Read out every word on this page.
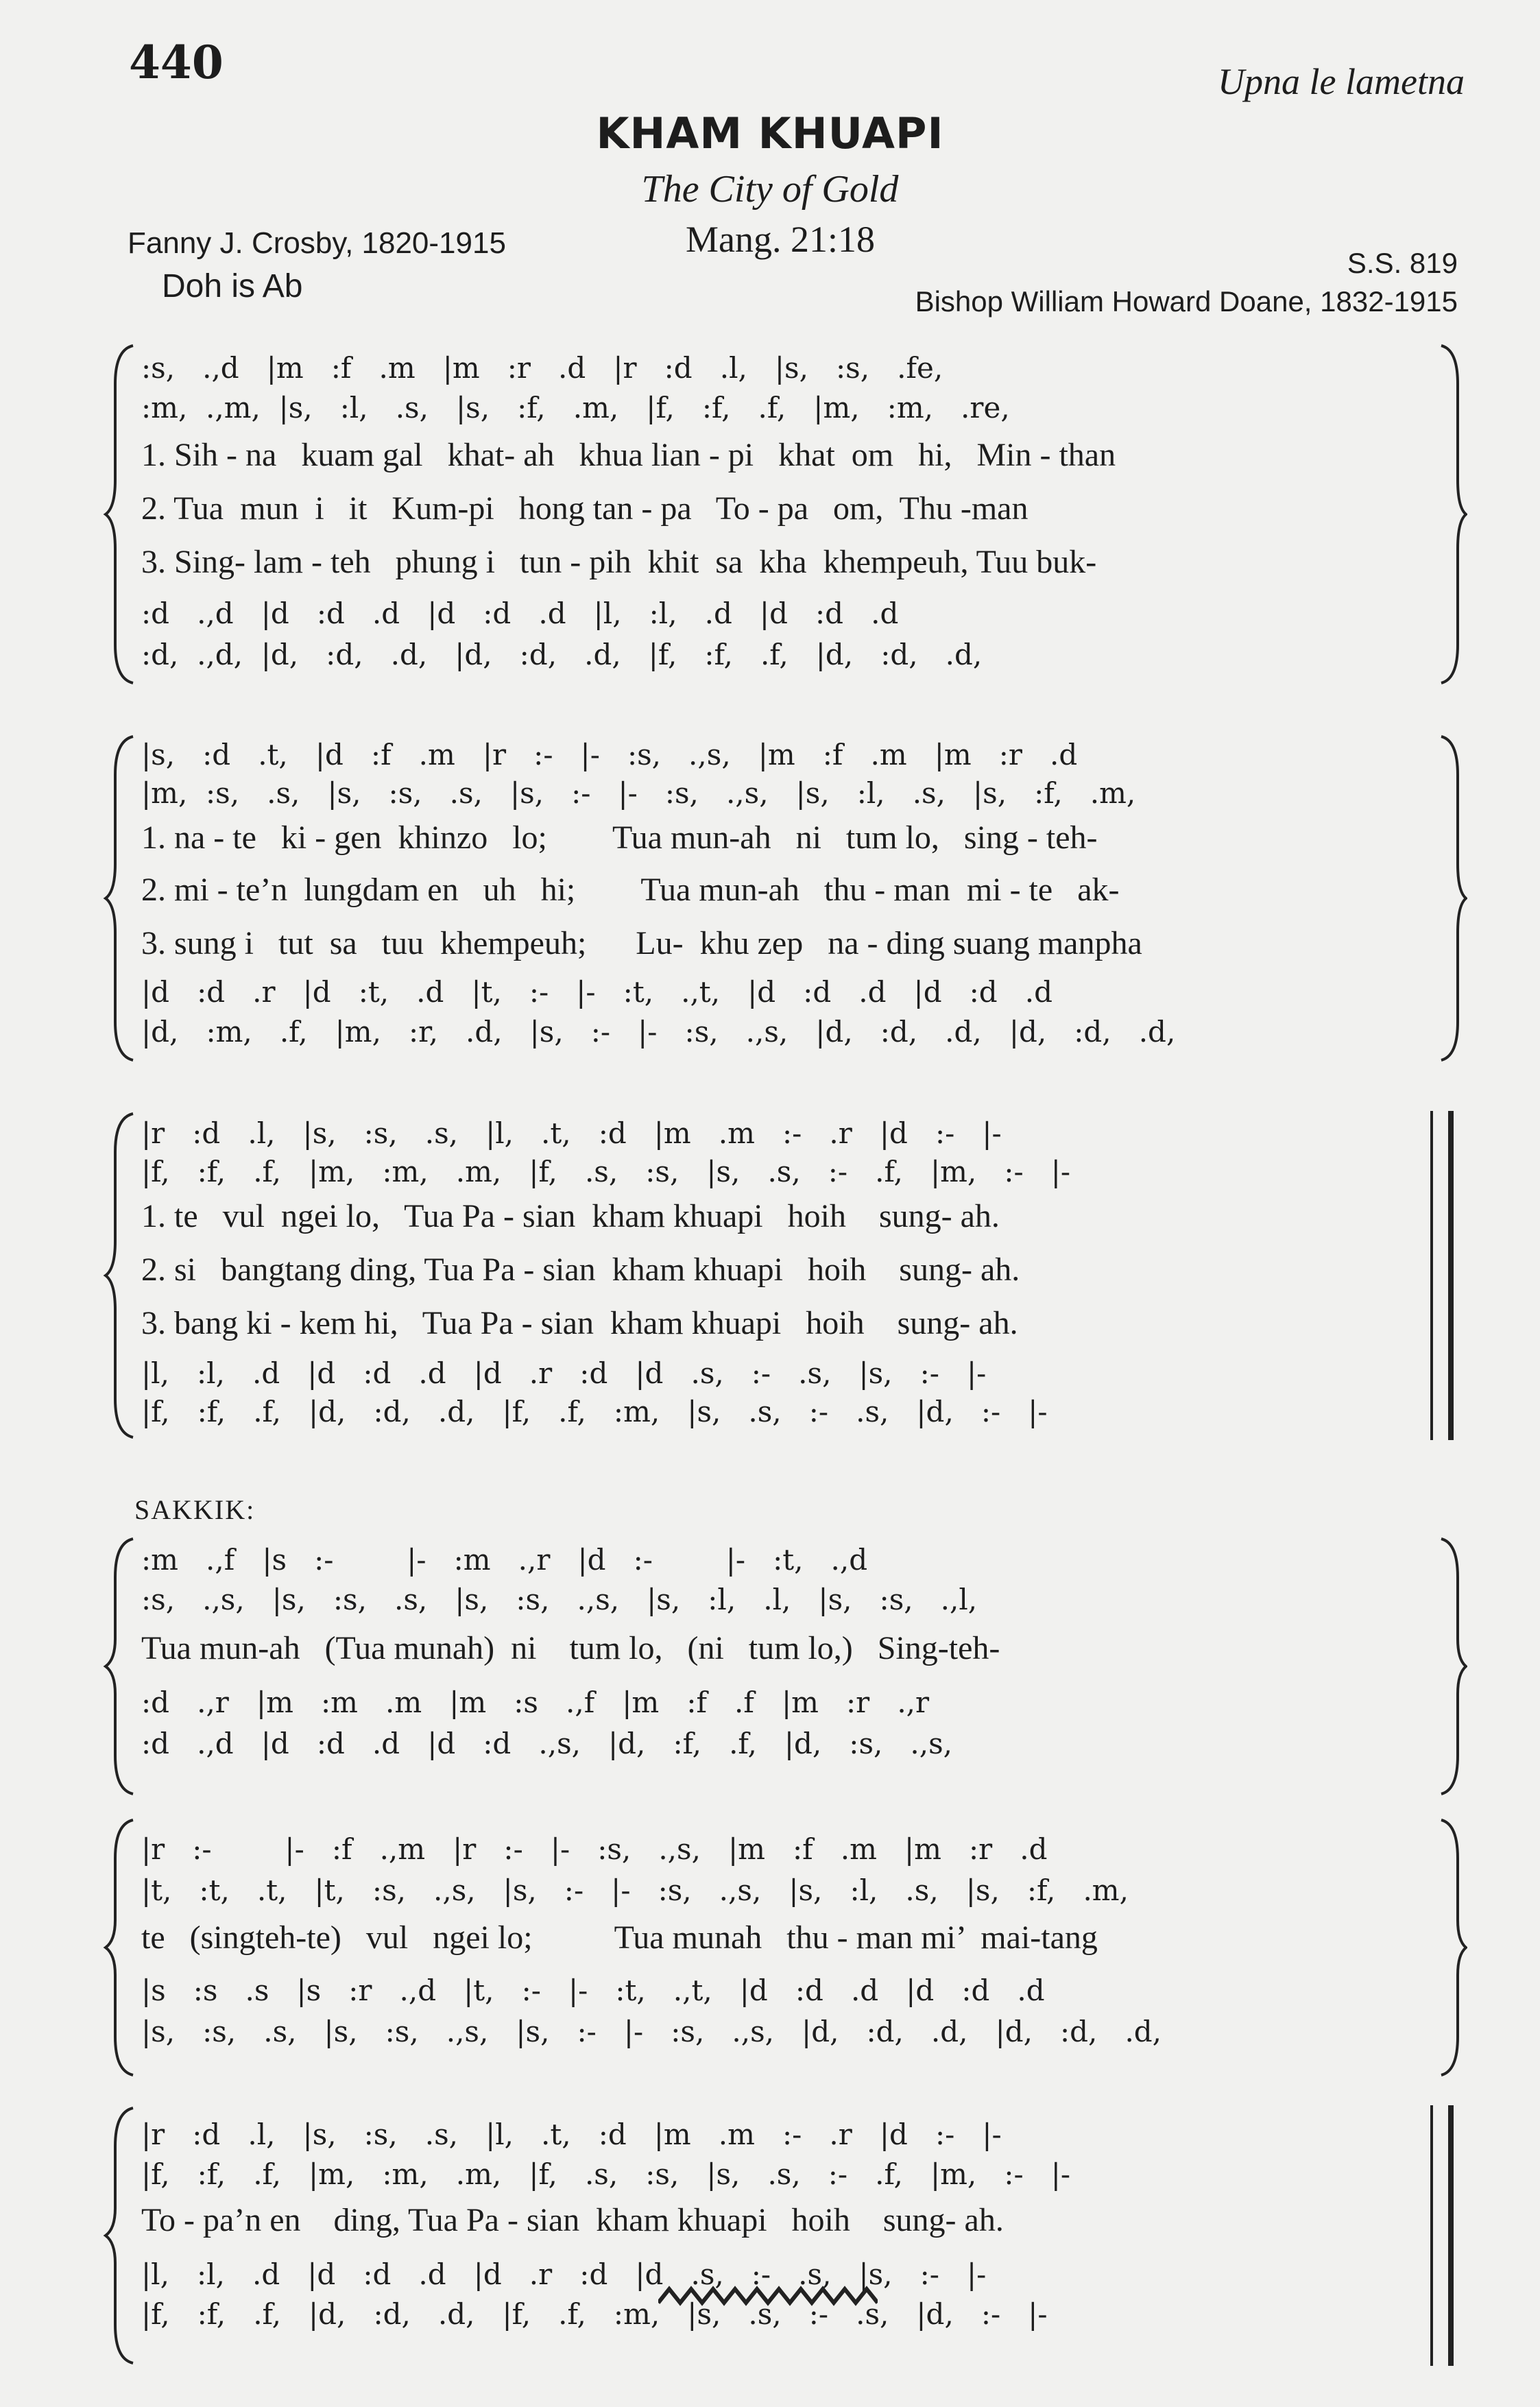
440	Upna le lametna
KHAM KHUAPI
The City of Gold
Fanny J. Crosby, 1820-1915	Mang. 21:18
Doh is Ab
S.S. 819
Bishop William Howard Doane, 1832-1915
:s,   .,d   |m   :f   .m   |m   :r   .d   |r   :d   .l,   |s,   :s,   .fe,
:m,  .,m,  |s,   :l,   .s,   |s,   :f,   .m,   |f,   :f,   .f,   |m,   :m,   .re,
1. Sih - na   kuam gal   khat- ah   khua lian - pi   khat  om   hi,   Min - than
2. Tua  mun  i   it   Kum-pi   hong tan - pa   To - pa   om,  Thu -man
3. Sing- lam - teh   phung i   tun - pih  khit  sa  kha  khempeuh, Tuu buk-
:d   .,d   |d   :d   .d   |d   :d   .d   |l,   :l,   .d   |d   :d   .d
:d,  .,d,  |d,   :d,   .d,   |d,   :d,   .d,   |f,   :f,   .f,   |d,   :d,   .d,
|s,   :d   .t,   |d   :f   .m   |r   :-   |-   :s,   .,s,   |m   :f   .m   |m   :r   .d
|m,  :s,   .s,   |s,   :s,   .s,   |s,   :-   |-   :s,   .,s,   |s,   :l,   .s,   |s,   :f,   .m,
1. na - te   ki - gen  khinzo   lo;        Tua mun-ah   ni   tum lo,   sing - teh-
2. mi - te’n  lungdam en   uh   hi;        Tua mun-ah   thu - man  mi - te   ak-
3. sung i   tut  sa   tuu  khempeuh;      Lu-  khu zep   na - ding suang manpha
|d   :d   .r   |d   :t,   .d   |t,   :-   |-   :t,   .,t,   |d   :d   .d   |d   :d   .d
|d,   :m,   .f,   |m,   :r,   .d,   |s,   :-   |-   :s,   .,s,   |d,   :d,   .d,   |d,   :d,   .d,
|r   :d   .l,   |s,   :s,   .s,   |l,   .t,   :d   |m   .m   :-   .r   |d   :-   |-
|f,   :f,   .f,   |m,   :m,   .m,   |f,   .s,   :s,   |s,   .s,   :-   .f,   |m,   :-   |-
1. te   vul  ngei lo,   Tua Pa - sian  kham khuapi   hoih    sung- ah.
2. si   bangtang ding, Tua Pa - sian  kham khuapi   hoih    sung- ah.
3. bang ki - kem hi,   Tua Pa - sian  kham khuapi   hoih    sung- ah.
|l,   :l,   .d   |d   :d   .d   |d   .r   :d   |d   .s,   :-   .s,   |s,   :-   |-
|f,   :f,   .f,   |d,   :d,   .d,   |f,   .f,   :m,   |s,   .s,   :-   .s,   |d,   :-   |-
SAKKIK:
:m   .,f   |s   :-        |-   :m   .,r   |d   :-        |-   :t,   .,d
:s,   .,s,   |s,   :s,   .s,   |s,   :s,   .,s,   |s,   :l,   .l,   |s,   :s,   .,l,
Tua mun-ah   (Tua munah)  ni    tum lo,   (ni   tum lo,)   Sing-teh-
:d   .,r   |m   :m   .m   |m   :s   .,f   |m   :f   .f   |m   :r   .,r
:d   .,d   |d   :d   .d   |d   :d   .,s,   |d,   :f,   .f,   |d,   :s,   .,s,
|r   :-        |-   :f   .,m   |r   :-   |-   :s,   .,s,   |m   :f   .m   |m   :r   .d
|t,   :t,   .t,   |t,   :s,   .,s,   |s,   :-   |-   :s,   .,s,   |s,   :l,   .s,   |s,   :f,   .m,
te   (singteh-te)   vul   ngei lo;          Tua munah   thu - man mi’  mai-tang
|s   :s   .s   |s   :r   .,d   |t,   :-   |-   :t,   .,t,   |d   :d   .d   |d   :d   .d
|s,   :s,   .s,   |s,   :s,   .,s,   |s,   :-   |-   :s,   .,s,   |d,   :d,   .d,   |d,   :d,   .d,
|r   :d   .l,   |s,   :s,   .s,   |l,   .t,   :d   |m   .m   :-   .r   |d   :-   |-
|f,   :f,   .f,   |m,   :m,   .m,   |f,   .s,   :s,   |s,   .s,   :-   .f,   |m,   :-   |-
To - pa’n en    ding, Tua Pa - sian  kham khuapi   hoih    sung- ah.
|l,   :l,   .d   |d   :d   .d   |d   .r   :d   |d   .s,   :-   .s,   |s,   :-   |-
|f,   :f,   .f,   |d,   :d,   .d,   |f,   .f,   :m,   |s,   .s,   :-   .s,   |d,   :-   |-
